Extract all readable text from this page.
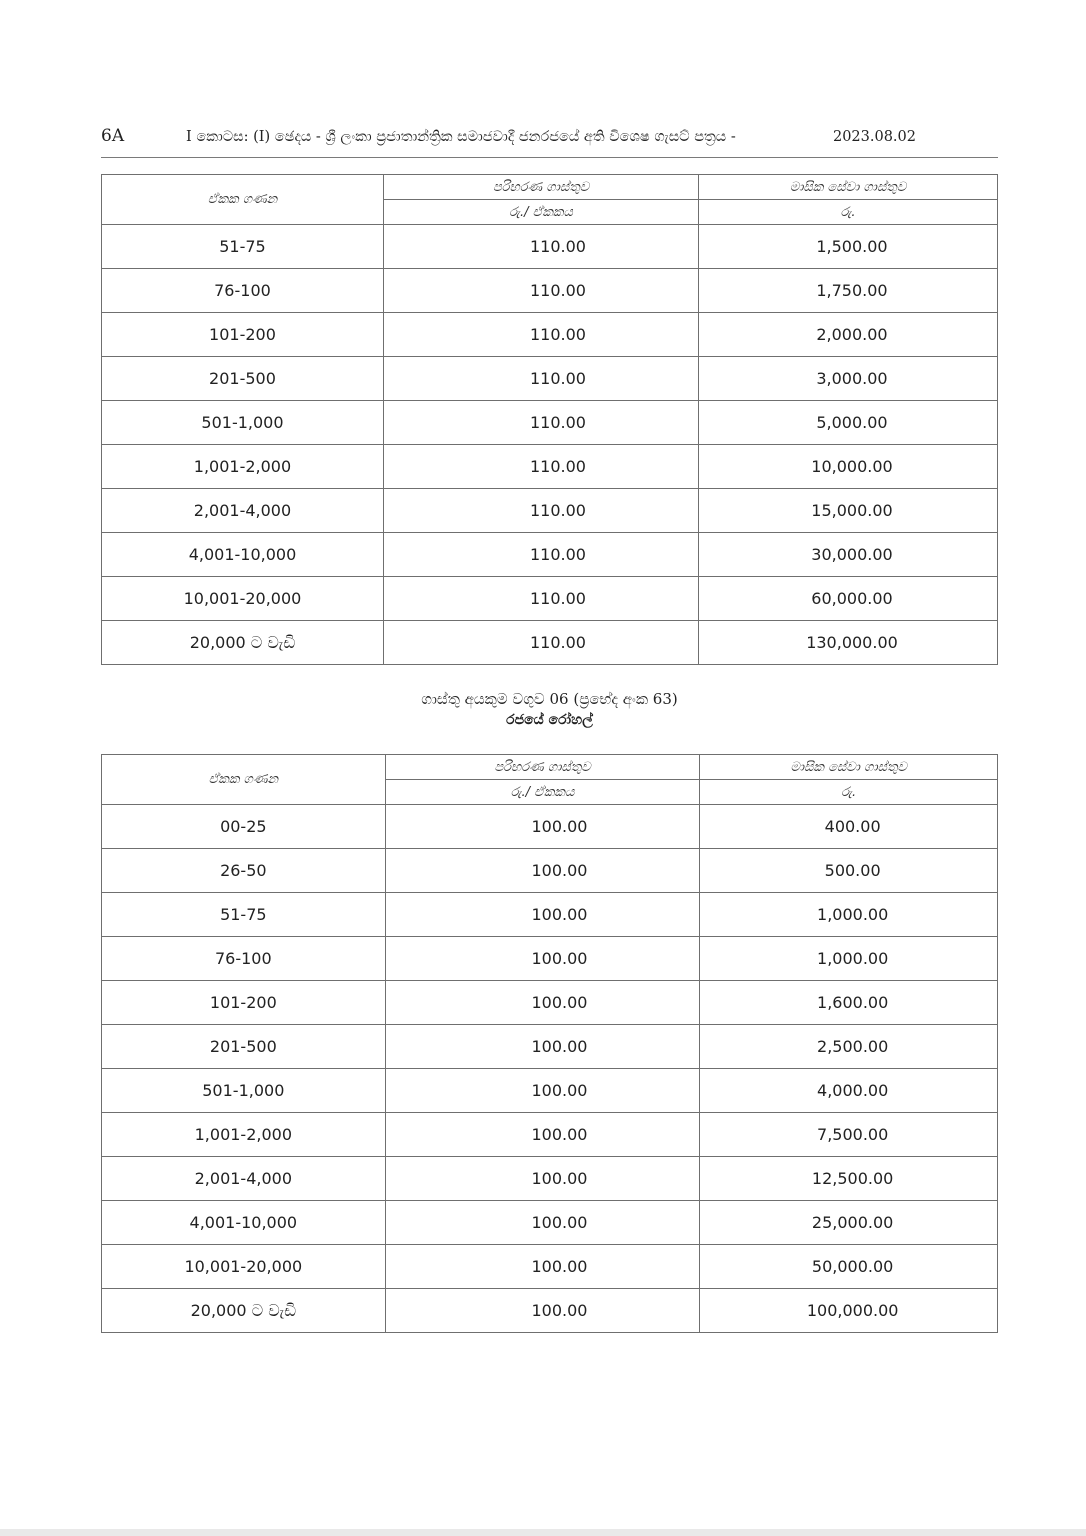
6A	I කොටස: (I) ඡෙදය - ශ්‍රී ලංකා ප්‍රජාතාන්ත්‍රික සමාජවාදී ජනරජයේ අති විශෙෂ ගැසට් පත්‍රය -	2023.08.02
ඒකක ගණන	පරිභරණ ගාස්තුව	මාසික සේවා ගාස්තුව
	රු./ ඒකකය	රු.
51-75	110.00	1,500.00
76-100	110.00	1,750.00
101-200	110.00	2,000.00
201-500	110.00	3,000.00
501-1,000	110.00	5,000.00
1,001-2,000	110.00	10,000.00
2,001-4,000	110.00	15,000.00
4,001-10,000	110.00	30,000.00
10,001-20,000	110.00	60,000.00
20,000 ට වැඩි	110.00	130,000.00
ගාස්තු අයකුම වගුව 06 (ප්‍රභේද අංක 63)
රජයේ රෝහල්
ඒකක ගණන	පරිභරණ ගාස්තුව	මාසික සේවා ගාස්තුව
	රු./ ඒකකය	රු.
00-25	100.00	400.00
26-50	100.00	500.00
51-75	100.00	1,000.00
76-100	100.00	1,000.00
101-200	100.00	1,600.00
201-500	100.00	2,500.00
501-1,000	100.00	4,000.00
1,001-2,000	100.00	7,500.00
2,001-4,000	100.00	12,500.00
4,001-10,000	100.00	25,000.00
10,001-20,000	100.00	50,000.00
20,000 ට වැඩි	100.00	100,000.00
